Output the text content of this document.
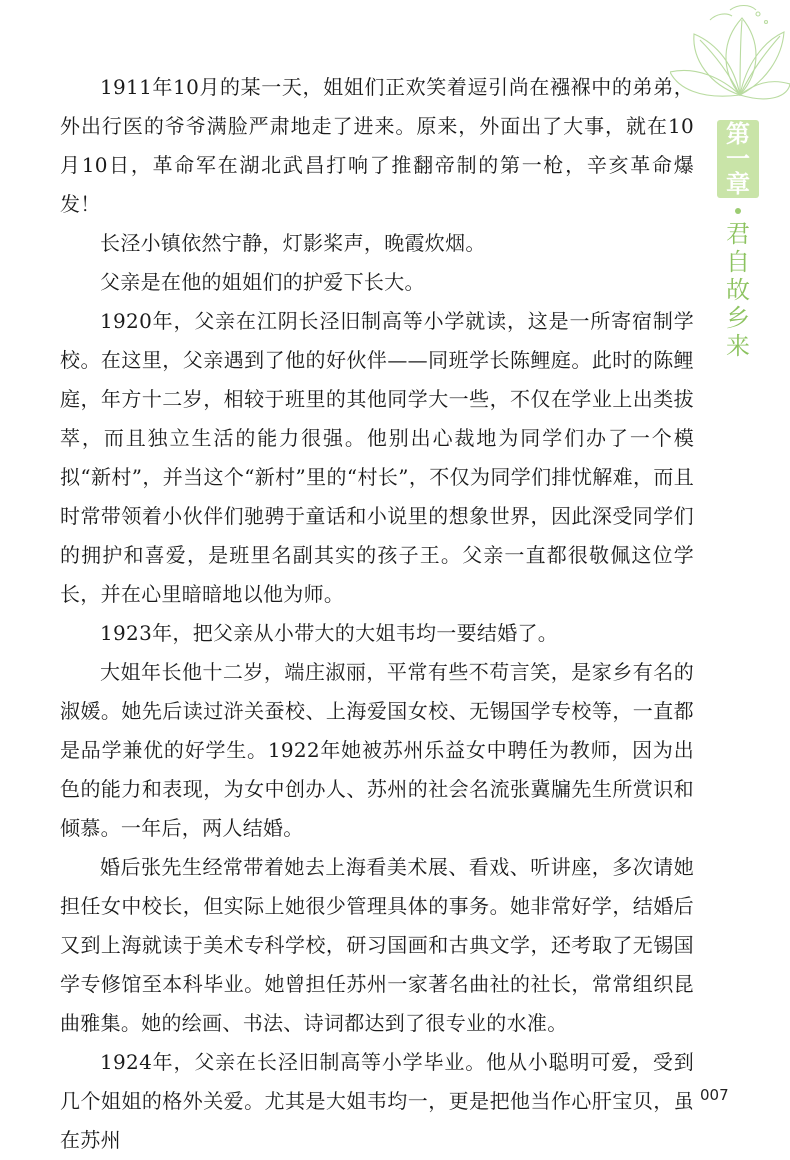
第
一
章
君
自
故
乡
来

1911年10月的某一天，姐姐们正欢笑着逗引尚在襁褓中的弟弟，外出行医的爷爷满脸严肃地走了进来。原来，外面出了大事，就在10月10日，革命军在湖北武昌打响了推翻帝制的第一枪，辛亥革命爆发！

长泾小镇依然宁静，灯影桨声，晚霞炊烟。

父亲是在他的姐姐们的护爱下长大。

1920年，父亲在江阴长泾旧制高等小学就读，这是一所寄宿制学校。在这里，父亲遇到了他的好伙伴——同班学长陈鲤庭。此时的陈鲤庭，年方十二岁，相较于班里的其他同学大一些，不仅在学业上出类拔萃，而且独立生活的能力很强。他别出心裁地为同学们办了一个模拟“新村”，并当这个“新村”里的“村长”，不仅为同学们排忧解难，而且时常带领着小伙伴们驰骋于童话和小说里的想象世界，因此深受同学们的拥护和喜爱，是班里名副其实的孩子王。父亲一直都很敬佩这位学长，并在心里暗暗地以他为师。

1923年，把父亲从小带大的大姐韦均一要结婚了。

大姐年长他十二岁，端庄淑丽，平常有些不苟言笑，是家乡有名的淑媛。她先后读过浒关蚕校、上海爱国女校、无锡国学专校等，一直都是品学兼优的好学生。1922年她被苏州乐益女中聘任为教师，因为出色的能力和表现，为女中创办人、苏州的社会名流张冀牖先生所赏识和倾慕。一年后，两人结婚。

婚后张先生经常带着她去上海看美术展、看戏、听讲座，多次请她担任女中校长，但实际上她很少管理具体的事务。她非常好学，结婚后又到上海就读于美术专科学校，研习国画和古典文学，还考取了无锡国学专修馆至本科毕业。她曾担任苏州一家著名曲社的社长，常常组织昆曲雅集。她的绘画、书法、诗词都达到了很专业的水准。

1924年，父亲在长泾旧制高等小学毕业。他从小聪明可爱，受到几个姐姐的格外关爱。尤其是大姐韦均一，更是把他当作心肝宝贝，虽在苏州

007
